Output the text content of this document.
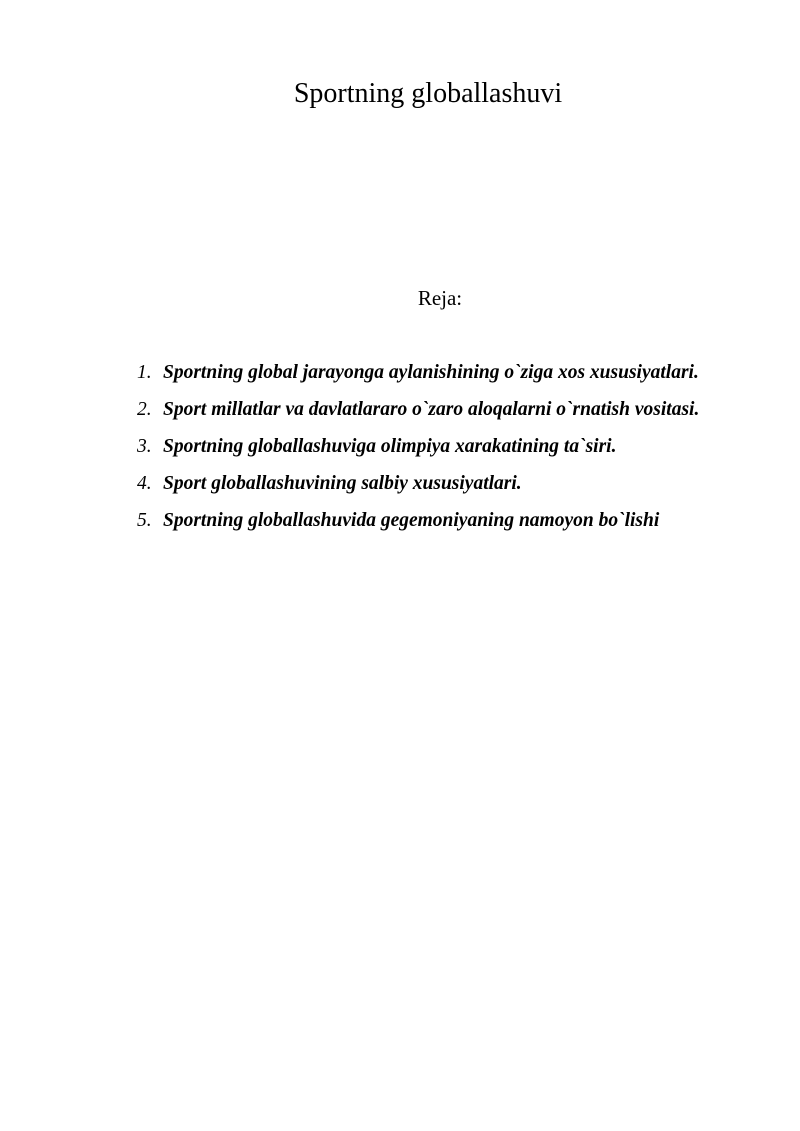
Sportning globallashuvi

Reja:

1. Sportning global jarayonga aylanishining o`ziga xos xususiyatlari.
2. Sport millatlar va davlatlararo o`zaro aloqalarni o`rnatish vositasi.
3. Sportning globallashuviga olimpiya xarakatining ta`siri.
4. Sport globallashuvining salbiy xususiyatlari.
5. Sportning globallashuvida gegemoniyaning namoyon bo`lishi
